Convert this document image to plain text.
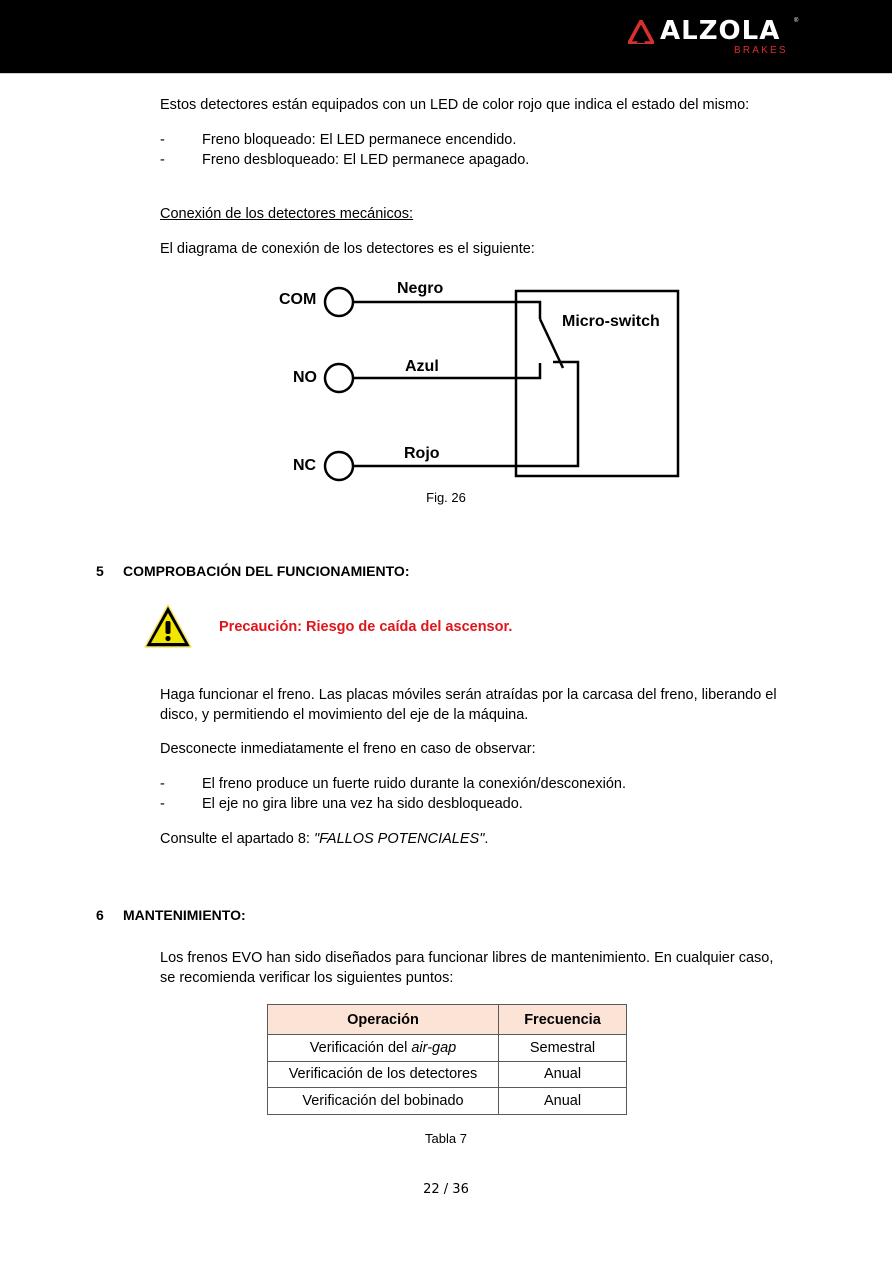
ALZOLA ®
BRAKES
Estos detectores están equipados con un LED de color rojo que indica el estado del mismo:
-	Freno bloqueado: El LED permanece encendido.
-	Freno desbloqueado: El LED permanece apagado.
Conexión de los detectores mecánicos:
El diagrama de conexión de los detectores es el siguiente:
COM
Negro
NO
Azul
NC
Rojo
Micro-switch
Fig. 26
5 COMPROBACIÓN DEL FUNCIONAMIENTO:
Precaución: Riesgo de caída del ascensor.
Haga funcionar el freno. Las placas móviles serán atraídas por la carcasa del freno, liberando el
disco, y permitiendo el movimiento del eje de la máquina.
Desconecte inmediatamente el freno en caso de observar:
-	El freno produce un fuerte ruido durante la conexión/desconexión.
-	El eje no gira libre una vez ha sido desbloqueado.
Consulte el apartado 8: "FALLOS POTENCIALES".
6 MANTENIMIENTO:
Los frenos EVO han sido diseñados para funcionar libres de mantenimiento. En cualquier caso,
se recomienda verificar los siguientes puntos:
Operación	Frecuencia
Verificación del air-gap	Semestral
Verificación de los detectores	Anual
Verificación del bobinado	Anual
Tabla 7
22 / 36
